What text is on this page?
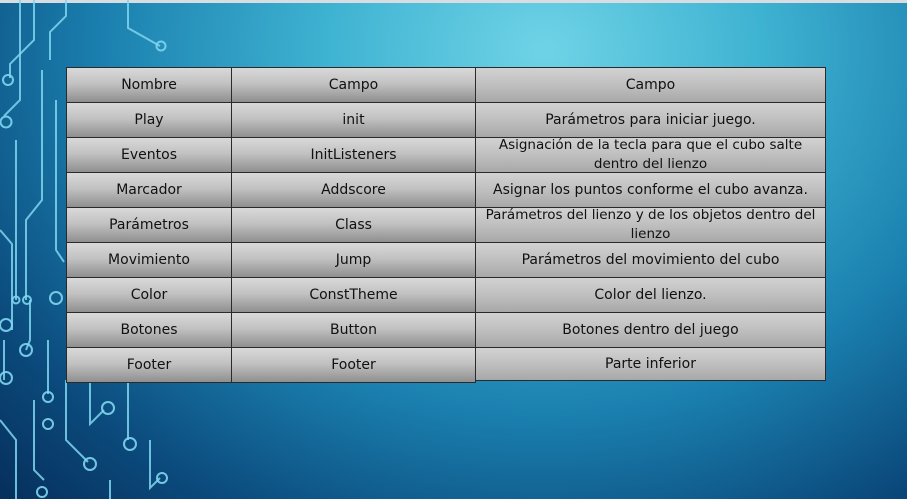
Nombre
Play
Eventos
Marcador
Parámetros
Movimiento
Color
Botones
Footer
Campo
init
InitListeners
Addscore
Class
Jump
ConstTheme
Button
Footer
Campo
Parámetros para iniciar juego.
Asignación de la tecla para que el cubo salte dentro del lienzo
Asignar los puntos conforme el cubo avanza.
Parámetros del lienzo y de los objetos dentro del lienzo
Parámetros del movimiento del cubo
Color del lienzo.
Botones dentro del juego
Parte inferior
